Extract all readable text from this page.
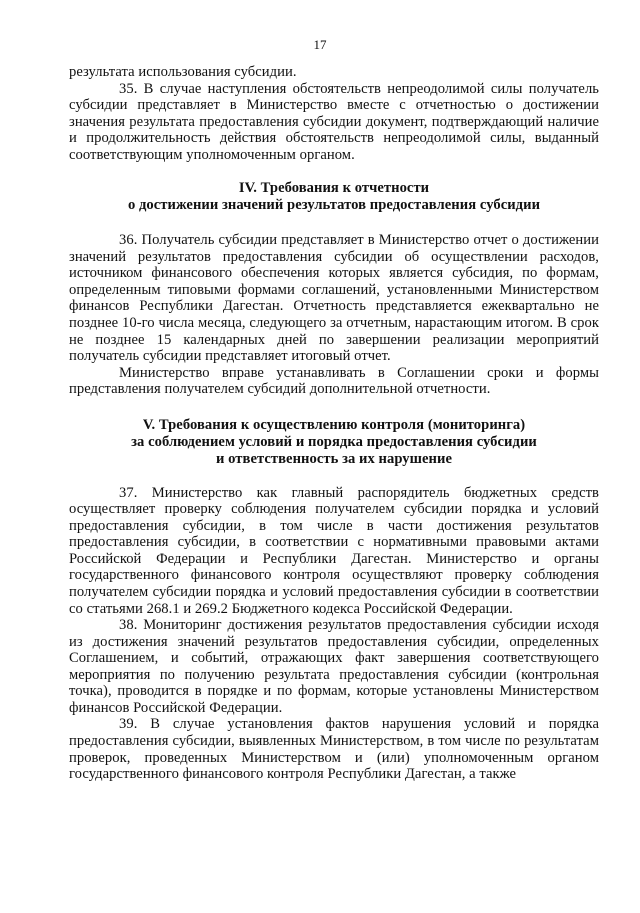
17

результата использования субсидии.

35. В случае наступления обстоятельств непреодолимой силы получатель субсидии представляет в Министерство вместе с отчетностью о достижении значения результата предоставления субсидии документ, подтверждающий наличие и продолжительность действия обстоятельств непреодолимой силы, выданный соответствующим уполномоченным органом.

IV. Требования к отчетности
о достижении значений результатов предоставления субсидии

36. Получатель субсидии представляет в Министерство отчет о достижении значений результатов предоставления субсидии об осуществлении расходов, источником финансового обеспечения которых является субсидия, по формам, определенным типовыми формами соглашений, установленными Министерством финансов Республики Дагестан. Отчетность представляется ежеквартально не позднее 10-го числа месяца, следующего за отчетным, нарастающим итогом. В срок не позднее 15 календарных дней по завершении реализации мероприятий получатель субсидии представляет итоговый отчет.

Министерство вправе устанавливать в Соглашении сроки и формы представления получателем субсидий дополнительной отчетности.

V. Требования к осуществлению контроля (мониторинга)
за соблюдением условий и порядка предоставления субсидии
и ответственность за их нарушение

37. Министерство как главный распорядитель бюджетных средств осуществляет проверку соблюдения получателем субсидии порядка и условий предоставления субсидии, в том числе в части достижения результатов предоставления субсидии, в соответствии с нормативными правовыми актами Российской Федерации и Республики Дагестан. Министерство и органы государственного финансового контроля осуществляют проверку соблюдения получателем субсидии порядка и условий предоставления субсидии в соответствии со статьями 268.1 и 269.2 Бюджетного кодекса Российской Федерации.

38. Мониторинг достижения результатов предоставления субсидии исходя из достижения значений результатов предоставления субсидии, определенных Соглашением, и событий, отражающих факт завершения соответствующего мероприятия по получению результата предоставления субсидии (контрольная точка), проводится в порядке и по формам, которые установлены Министерством финансов Российской Федерации.

39. В случае установления фактов нарушения условий и порядка предоставления субсидии, выявленных Министерством, в том числе по результатам проверок, проведенных Министерством и (или) уполномоченным органом государственного финансового контроля Республики Дагестан, а также
